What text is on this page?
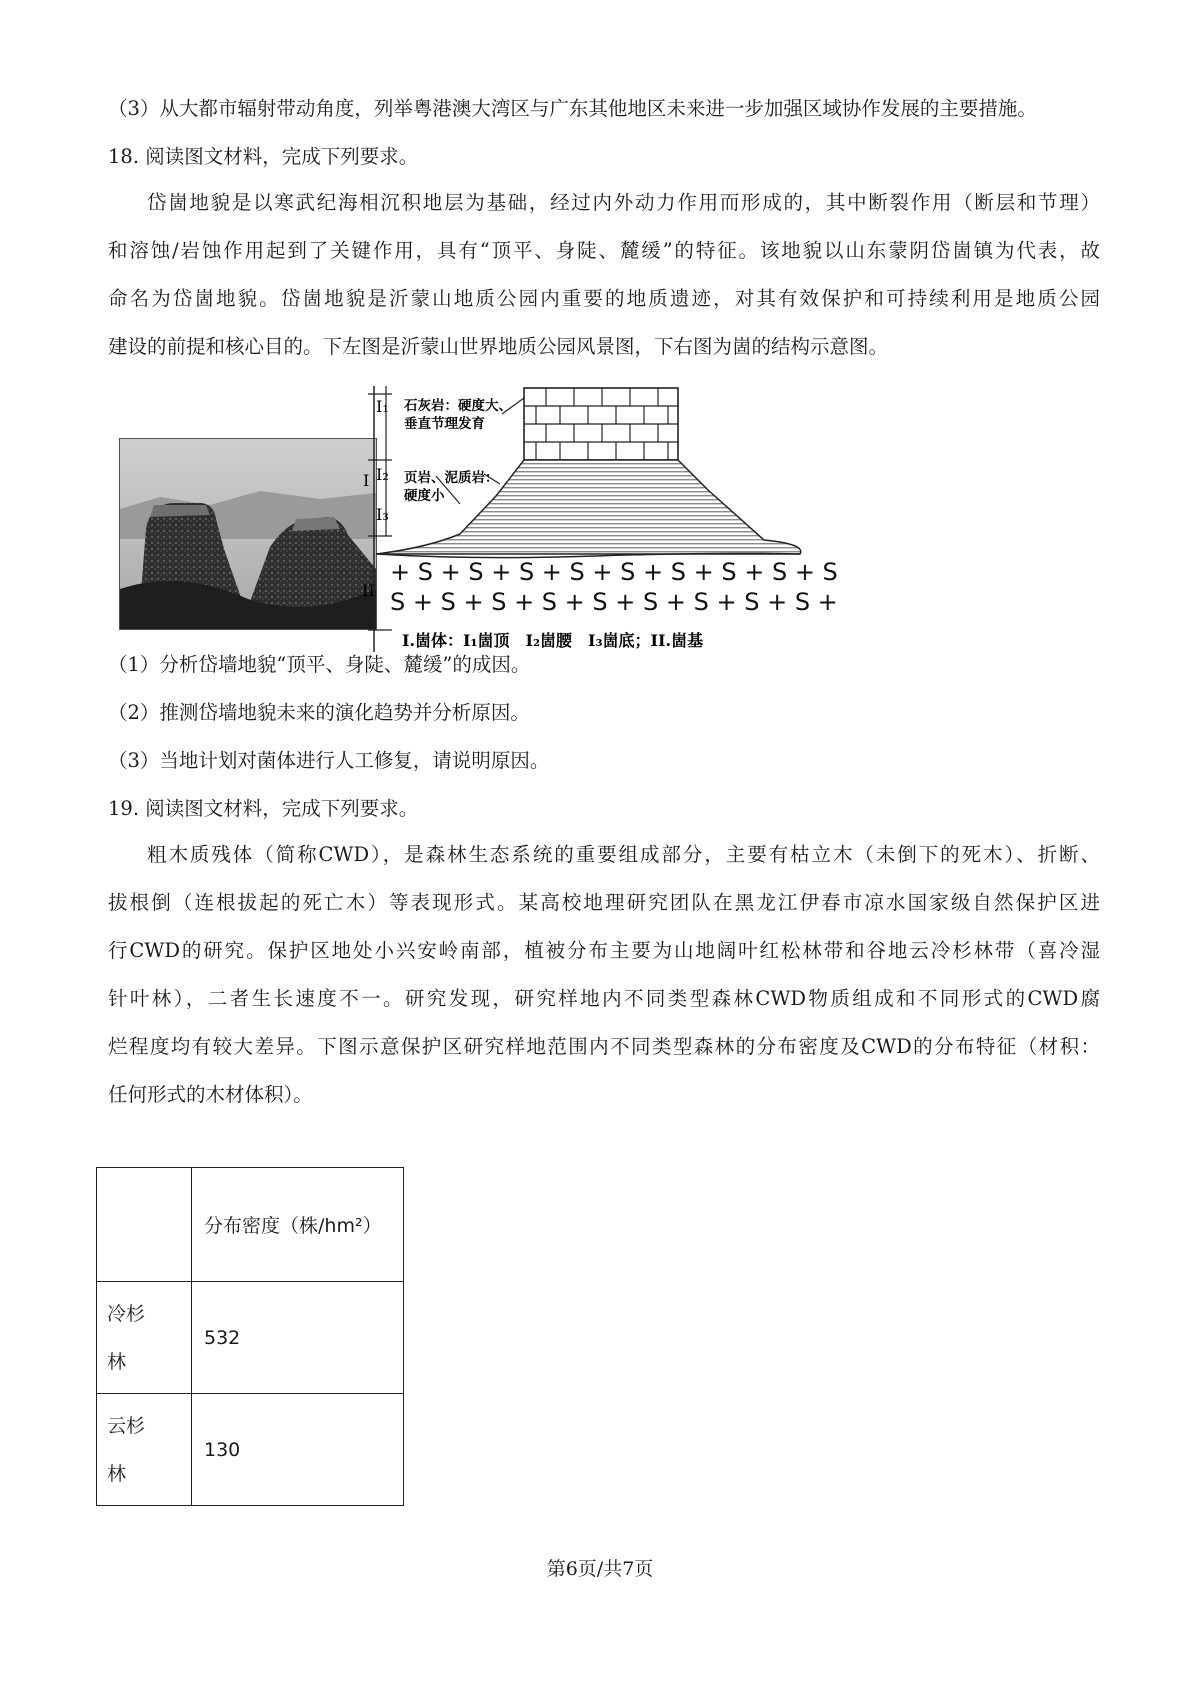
（3）从大都市辐射带动角度，列举粤港澳大湾区与广东其他地区未来进一步加强区域协作发展的主要措施。
18. 阅读图文材料，完成下列要求。
岱崮地貌是以寒武纪海相沉积地层为基础，经过内外动力作用而形成的，其中断裂作用（断层和节理）
和溶蚀/岩蚀作用起到了关键作用，具有“顶平、身陡、麓缓”的特征。该地貌以山东蒙阴岱崮镇为代表，故
命名为岱崮地貌。岱崮地貌是沂蒙山地质公园内重要的地质遗迹，对其有效保护和可持续利用是地质公园
建设的前提和核心目的。下左图是沂蒙山世界地质公园风景图，下右图为崮的结构示意图。
+ S + S + S + S + S + S + S + S + S
S + S + S + S + S + S + S + S + S +
I₁
I₂
I₃
I
II
石灰岩：硬度大、
垂直节理发育
页岩、泥质岩：
硬度小
I.崮体：I₁崮顶　I₂崮腰　I₃崮底；II.崮基
（1）分析岱墙地貌“顶平、身陡、麓缓”的成因。
（2）推测岱墙地貌未来的演化趋势并分析原因。
（3）当地计划对菌体进行人工修复，请说明原因。
19. 阅读图文材料，完成下列要求。
粗木质残体（简称CWD），是森林生态系统的重要组成部分，主要有枯立木（未倒下的死木）、折断、
拔根倒（连根拔起的死亡木）等表现形式。某高校地理研究团队在黑龙江伊春市凉水国家级自然保护区进
行CWD的研究。保护区地处小兴安岭南部，植被分布主要为山地阔叶红松林带和谷地云冷杉林带（喜冷湿
针叶林），二者生长速度不一。研究发现，研究样地内不同类型森林CWD物质组成和不同形式的CWD腐
烂程度均有较大差异。下图示意保护区研究样地范围内不同类型森林的分布密度及CWD的分布特征（材积：
任何形式的木材体积）。
	分布密度（株/hm²）
冷杉
林	532
云杉
林	130
第6页/共7页
